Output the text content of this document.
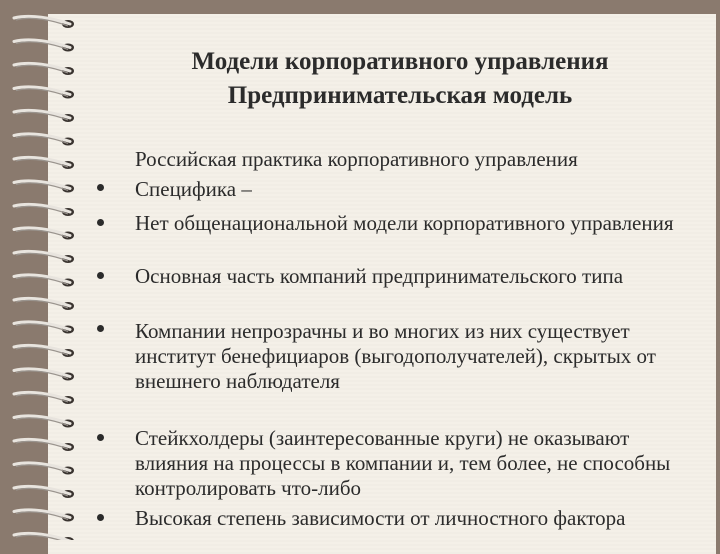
Модели корпоративного управления
Предпринимательская модель
Российская практика корпоративного управления
Специфика –
Нет общенациональной модели корпоративного управления
Основная часть компаний предпринимательского типа
Компании непрозрачны и во многих из них существует институт бенефициаров (выгодополучателей), скрытых от внешнего наблюдателя
Стейкхолдеры (заинтересованные круги) не оказывают влияния на процессы в компании и, тем более, не способны контролировать что-либо
Высокая степень зависимости от личностного фактора
